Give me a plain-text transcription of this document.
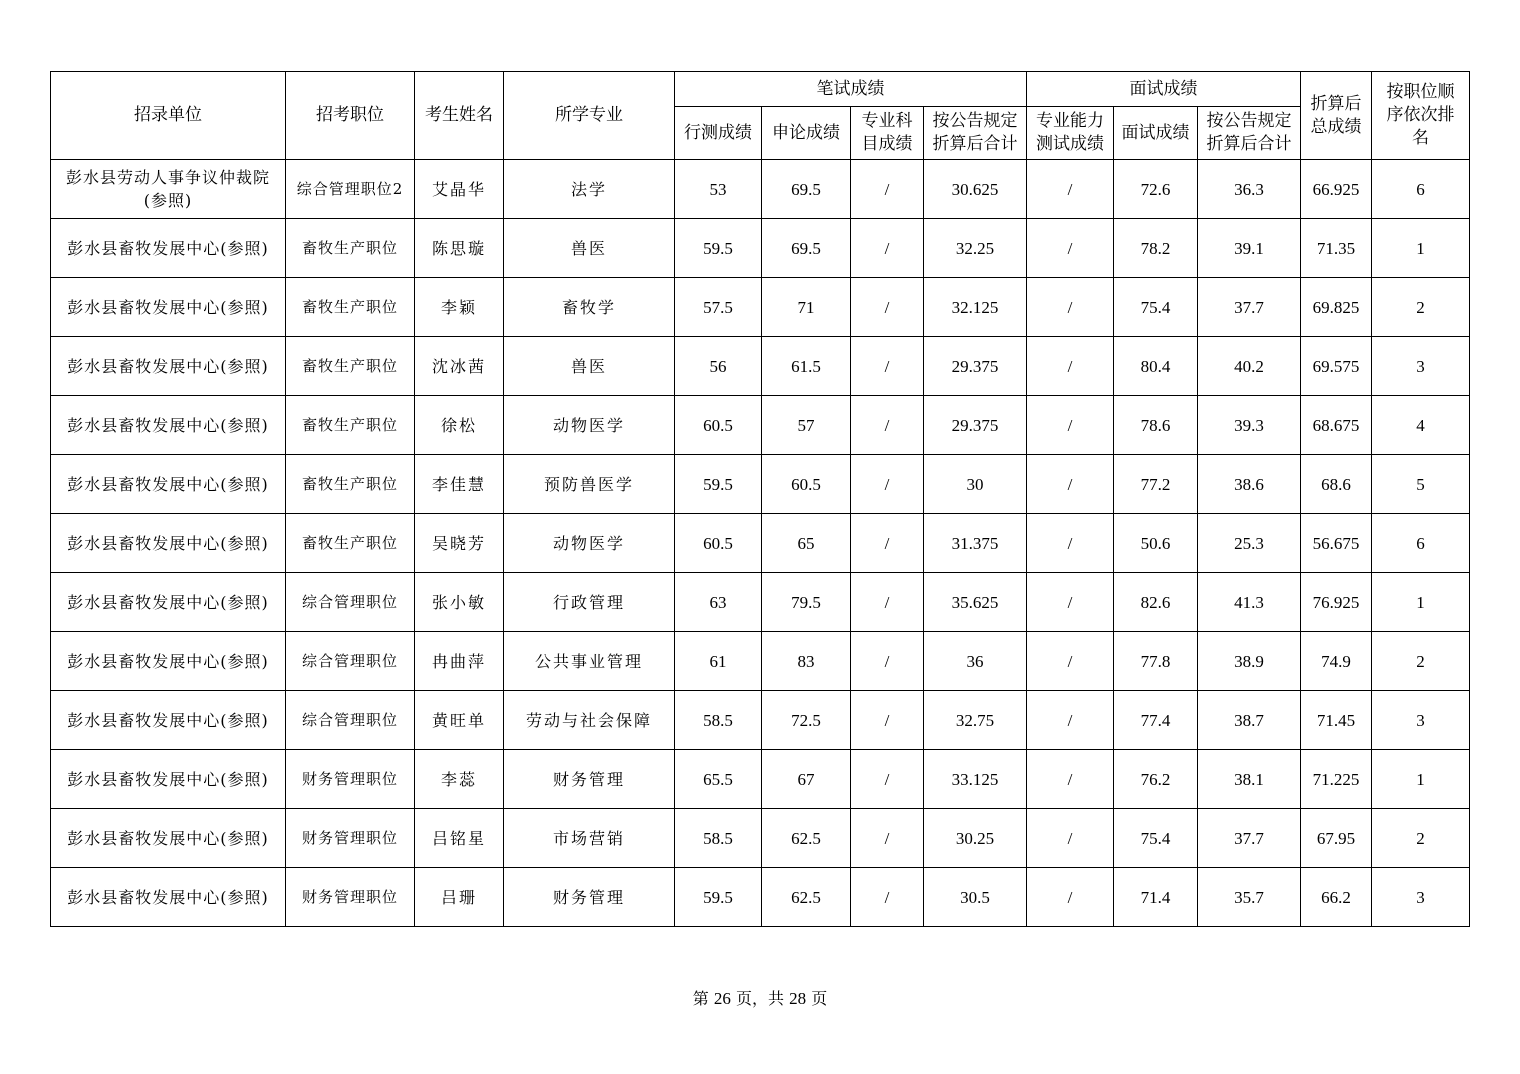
招录单位	招考职位	考生姓名	所学专业	笔试成绩				面试成绩			折算后总成绩	按职位顺序依次排名
				行测成绩	申论成绩	专业科目成绩	按公告规定折算后合计	专业能力测试成绩	面试成绩	按公告规定折算后合计		
彭水县劳动人事争议仲裁院(参照)	综合管理职位2	艾晶华	法学	53	69.5	/	30.625	/	72.6	36.3	66.925	6
彭水县畜牧发展中心(参照)	畜牧生产职位	陈思璇	兽医	59.5	69.5	/	32.25	/	78.2	39.1	71.35	1
彭水县畜牧发展中心(参照)	畜牧生产职位	李颖	畜牧学	57.5	71	/	32.125	/	75.4	37.7	69.825	2
彭水县畜牧发展中心(参照)	畜牧生产职位	沈冰茜	兽医	56	61.5	/	29.375	/	80.4	40.2	69.575	3
彭水县畜牧发展中心(参照)	畜牧生产职位	徐松	动物医学	60.5	57	/	29.375	/	78.6	39.3	68.675	4
彭水县畜牧发展中心(参照)	畜牧生产职位	李佳慧	预防兽医学	59.5	60.5	/	30	/	77.2	38.6	68.6	5
彭水县畜牧发展中心(参照)	畜牧生产职位	吴晓芳	动物医学	60.5	65	/	31.375	/	50.6	25.3	56.675	6
彭水县畜牧发展中心(参照)	综合管理职位	张小敏	行政管理	63	79.5	/	35.625	/	82.6	41.3	76.925	1
彭水县畜牧发展中心(参照)	综合管理职位	冉曲萍	公共事业管理	61	83	/	36	/	77.8	38.9	74.9	2
彭水县畜牧发展中心(参照)	综合管理职位	黄旺单	劳动与社会保障	58.5	72.5	/	32.75	/	77.4	38.7	71.45	3
彭水县畜牧发展中心(参照)	财务管理职位	李蕊	财务管理	65.5	67	/	33.125	/	76.2	38.1	71.225	1
彭水县畜牧发展中心(参照)	财务管理职位	吕铭星	市场营销	58.5	62.5	/	30.25	/	75.4	37.7	67.95	2
彭水县畜牧发展中心(参照)	财务管理职位	吕珊	财务管理	59.5	62.5	/	30.5	/	71.4	35.7	66.2	3
第 26 页，共 28 页
